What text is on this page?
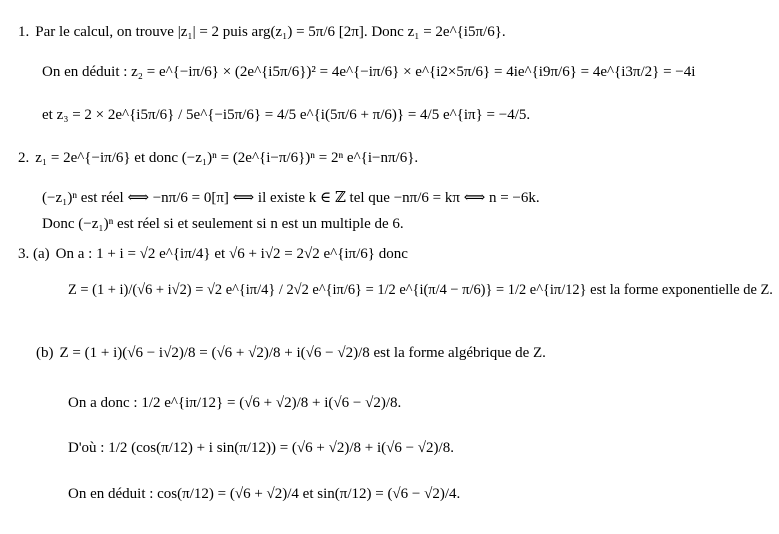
1. Par le calcul, on trouve |z₁| = 2 puis arg(z₁) = 5π/6 [2π]. Donc z₁ = 2e^{i5π/6}.
On en déduit : z₂ = e^{−iπ/6} × (2e^{i5π/6})² = 4e^{−iπ/6} × e^{i2×5π/6} = 4ie^{i9π/6} = 4e^{i3π/2} = −4i
et z₃ = 2 × 2e^{i5π/6} / 5e^{−i5π/6} = 4/5 e^{i(5π/6 + π/6)} = 4/5 e^{iπ} = −4/5.
2. z₁ = 2e^{−iπ/6} et donc (−z₁)ⁿ = (2e^{i−π/6})ⁿ = 2ⁿ e^{i−nπ/6}.
(−z₁)ⁿ est réel ⟺ −nπ/6 = 0[π] ⟺ il existe k ∈ ℤ tel que −nπ/6 = kπ ⟺ n = −6k.
Donc (−z₁)ⁿ est réel si et seulement si n est un multiple de 6.
3. (a) On a : 1 + i = √2 e^{iπ/4} et √6 + i√2 = 2√2 e^{iπ/6} donc
Z = (1 + i)/(√6 + i√2) = √2 e^{iπ/4} / 2√2 e^{iπ/6} = 1/2 e^{i(π/4 − π/6)} = 1/2 e^{iπ/12} est la forme exponentielle de Z.
(b) Z = (1 + i)(√6 − i√2)/8 = (√6 + √2)/8 + i(√6 − √2)/8 est la forme algébrique de Z.
On a donc : 1/2 e^{iπ/12} = (√6 + √2)/8 + i(√6 − √2)/8.
D'où : 1/2 (cos(π/12) + i sin(π/12)) = (√6 + √2)/8 + i(√6 − √2)/8.
On en déduit : cos(π/12) = (√6 + √2)/4 et sin(π/12) = (√6 − √2)/4.
